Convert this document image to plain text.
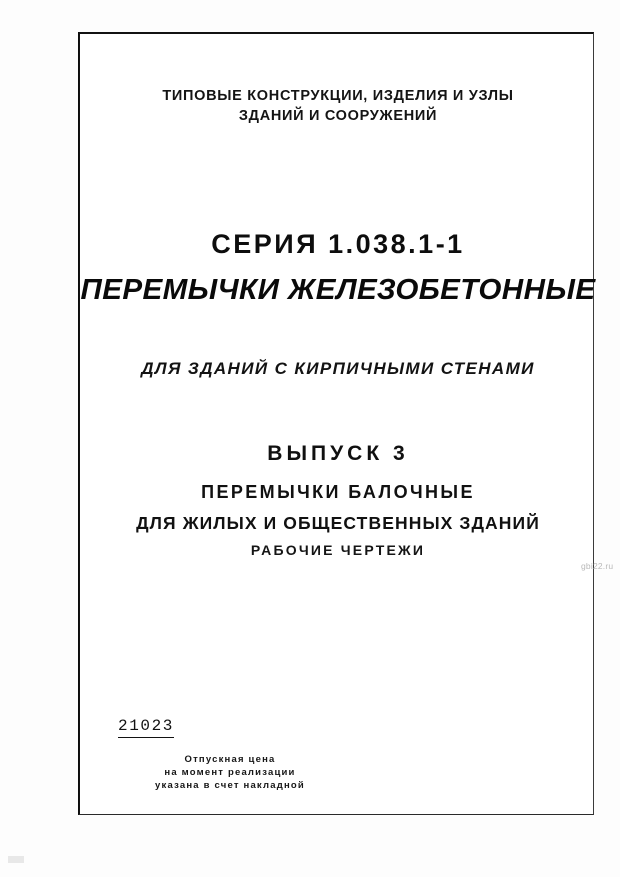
ТИПОВЫЕ КОНСТРУКЦИИ, ИЗДЕЛИЯ И УЗЛЫ
ЗДАНИЙ И СООРУЖЕНИЙ
СЕРИЯ 1.038.1-1
ПЕРЕМЫЧКИ ЖЕЛЕЗОБЕТОННЫЕ
ДЛЯ ЗДАНИЙ С КИРПИЧНЫМИ СТЕНАМИ
ВЫПУСК 3
ПЕРЕМЫЧКИ БАЛОЧНЫЕ
ДЛЯ ЖИЛЫХ И ОБЩЕСТВЕННЫХ ЗДАНИЙ
РАБОЧИЕ ЧЕРТЕЖИ
21023
Отпускная цена
на момент реализации
указана в счет накладной
gbi22.ru
